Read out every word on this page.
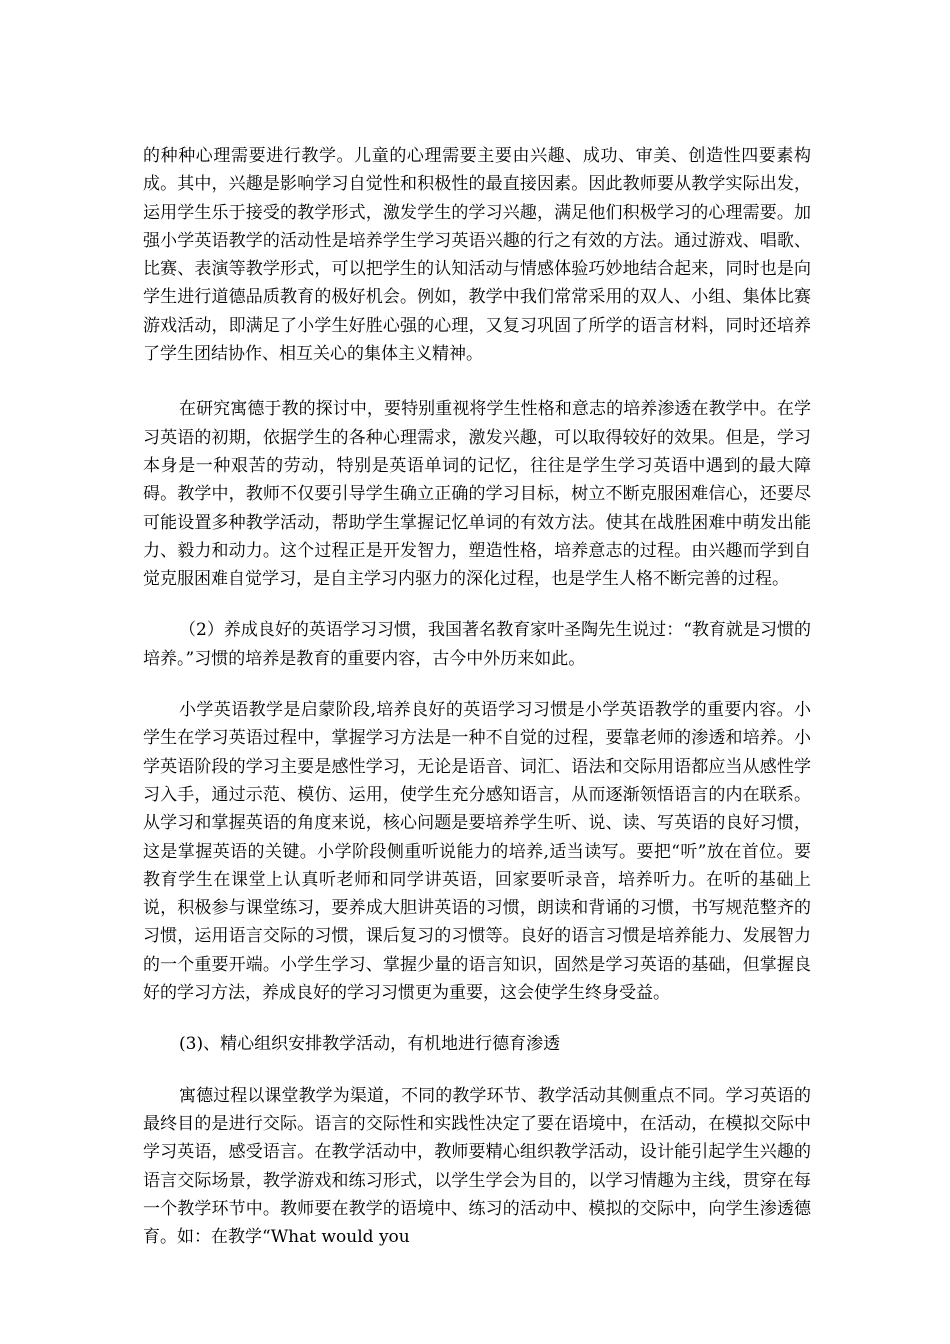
的种种心理需要进行教学。儿童的心理需要主要由兴趣、成功、审美、创造性四要素构成。其中，兴趣是影响学习自觉性和积极性的最直接因素。因此教师要从教学实际出发，运用学生乐于接受的教学形式，激发学生的学习兴趣，满足他们积极学习的心理需要。加强小学英语教学的活动性是培养学生学习英语兴趣的行之有效的方法。通过游戏、唱歌、比赛、表演等教学形式，可以把学生的认知活动与情感体验巧妙地结合起来，同时也是向学生进行道德品质教育的极好机会。例如，教学中我们常常采用的双人、小组、集体比赛游戏活动，即满足了小学生好胜心强的心理，又复习巩固了所学的语言材料，同时还培养了学生团结协作、相互关心的集体主义精神。

在研究寓德于教的探讨中，要特别重视将学生性格和意志的培养渗透在教学中。在学习英语的初期，依据学生的各种心理需求，激发兴趣，可以取得较好的效果。但是，学习本身是一种艰苦的劳动，特别是英语单词的记忆，往往是学生学习英语中遇到的最大障碍。教学中，教师不仅要引导学生确立正确的学习目标，树立不断克服困难信心，还要尽可能设置多种教学活动，帮助学生掌握记忆单词的有效方法。使其在战胜困难中萌发出能力、毅力和动力。这个过程正是开发智力，塑造性格，培养意志的过程。由兴趣而学到自觉克服困难自觉学习，是自主学习内驱力的深化过程，也是学生人格不断完善的过程。

（2）养成良好的英语学习习惯，我国著名教育家叶圣陶先生说过：“教育就是习惯的培养。”习惯的培养是教育的重要内容，古今中外历来如此。

小学英语教学是启蒙阶段,培养良好的英语学习习惯是小学英语教学的重要内容。小学生在学习英语过程中，掌握学习方法是一种不自觉的过程，要靠老师的渗透和培养。小学英语阶段的学习主要是感性学习，无论是语音、词汇、语法和交际用语都应当从感性学习入手，通过示范、模仿、运用，使学生充分感知语言，从而逐渐领悟语言的内在联系。从学习和掌握英语的角度来说，核心问题是要培养学生听、说、读、写英语的良好习惯，这是掌握英语的关键。小学阶段侧重听说能力的培养,适当读写。要把“听”放在首位。要教育学生在课堂上认真听老师和同学讲英语，回家要听录音，培养听力。在听的基础上说，积极参与课堂练习，要养成大胆讲英语的习惯，朗读和背诵的习惯，书写规范整齐的习惯，运用语言交际的习惯，课后复习的习惯等。良好的语言习惯是培养能力、发展智力的一个重要开端。小学生学习、掌握少量的语言知识，固然是学习英语的基础，但掌握良好的学习方法，养成良好的学习习惯更为重要，这会使学生终身受益。

(3)、精心组织安排教学活动，有机地进行德育渗透

寓德过程以课堂教学为渠道，不同的教学环节、教学活动其侧重点不同。学习英语的最终目的是进行交际。语言的交际性和实践性决定了要在语境中，在活动，在模拟交际中学习英语，感受语言。在教学活动中，教师要精心组织教学活动，设计能引起学生兴趣的语言交际场景，教学游戏和练习形式，以学生学会为目的，以学习情趣为主线，贯穿在每一个教学环节中。教师要在教学的语境中、练习的活动中、模拟的交际中，向学生渗透德育。如：在教学“What would you
